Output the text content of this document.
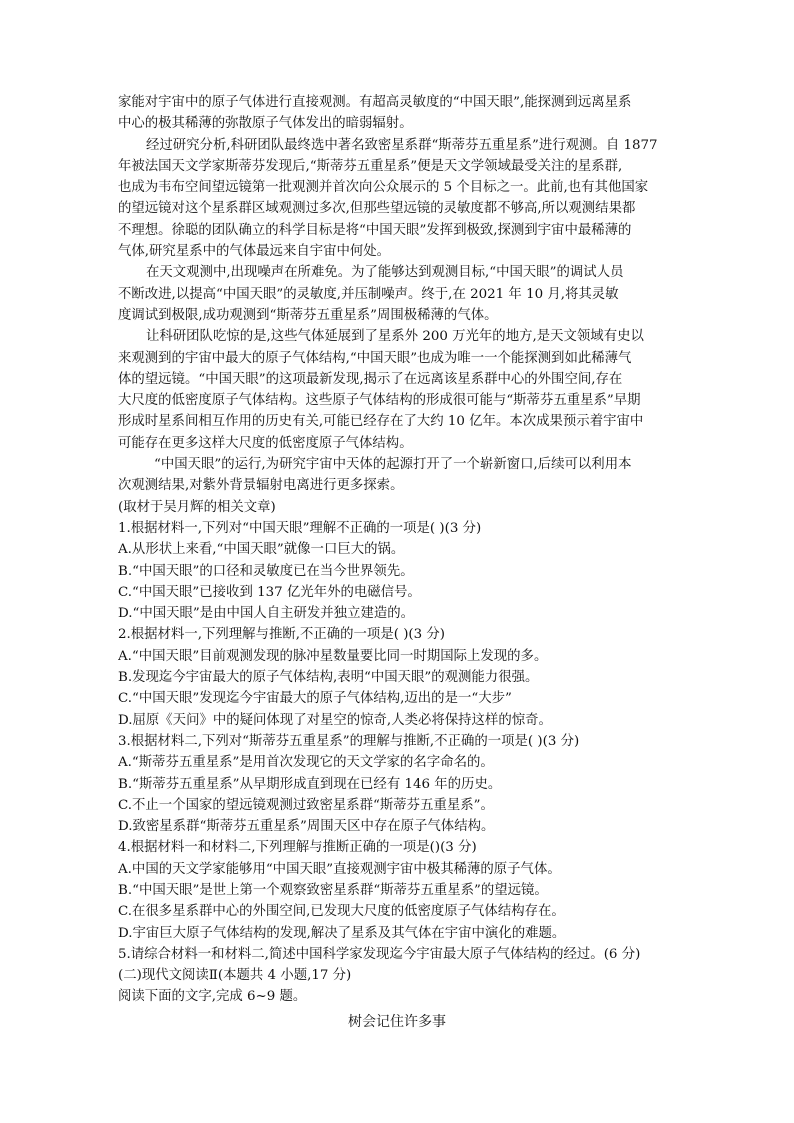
家能对宇宙中的原子气体进行直接观测。有超高灵敏度的“中国天眼”,能探测到远离星系
中心的极其稀薄的弥散原子气体发出的暗弱辐射。
经过研究分析,科研团队最终选中著名致密星系群“斯蒂芬五重星系”进行观测。自 1877
年被法国天文学家斯蒂芬发现后,“斯蒂芬五重星系”便是天文学领域最受关注的星系群,
也成为韦布空间望远镜第一批观测并首次向公众展示的 5 个目标之一。此前,也有其他国家
的望远镜对这个星系群区域观测过多次,但那些望远镜的灵敏度都不够高,所以观测结果都
不理想。徐聪的团队确立的科学目标是将“中国天眼”发挥到极致,探测到宇宙中最稀薄的
气体,研究星系中的气体最远来自宇宙中何处。
在天文观测中,出现噪声在所难免。为了能够达到观测目标,“中国天眼”的调试人员
不断改进,以提高“中国天眼”的灵敏度,并压制噪声。终于,在 2021 年 10 月,将其灵敏
度调试到极限,成功观测到“斯蒂芬五重星系”周围极稀薄的气体。
让科研团队吃惊的是,这些气体延展到了星系外 200 万光年的地方,是天文领域有史以
来观测到的宇宙中最大的原子气体结构,“中国天眼”也成为唯一一个能探测到如此稀薄气
体的望远镜。“中国天眼”的这项最新发现,揭示了在远离该星系群中心的外围空间,存在
大尺度的低密度原子气体结构。这些原子气体结构的形成很可能与“斯蒂芬五重星系”早期
形成时星系间相互作用的历史有关,可能已经存在了大约 10 亿年。本次成果预示着宇宙中
可能存在更多这样大尺度的低密度原子气体结构。
“中国天眼”的运行,为研究宇宙中天体的起源打开了一个崭新窗口,后续可以利用本
次观测结果,对紫外背景辐射电离进行更多探索。
(取材于吴月辉的相关文章)
1.根据材料一,下列对“中国天眼”理解不正确的一项是( )(3 分)
A.从形状上来看,“中国天眼”就像一口巨大的锅。
B.“中国天眼”的口径和灵敏度已在当今世界领先。
C.“中国天眼”已接收到 137 亿光年外的电磁信号。
D.“中国天眼”是由中国人自主研发并独立建造的。
2.根据材料一,下列理解与推断,不正确的一项是( )(3 分)
A.“中国天眼”目前观测发现的脉冲星数量要比同一时期国际上发现的多。
B.发现迄今宇宙最大的原子气体结构,表明“中国天眼”的观测能力很强。
C.“中国天眼”发现迄今宇宙最大的原子气体结构,迈出的是一“大步”
D.屈原《天问》中的疑问体现了对星空的惊奇,人类必将保持这样的惊奇。
3.根据材料二,下列对“斯蒂芬五重星系”的理解与推断,不正确的一项是( )(3 分)
A.“斯蒂芬五重星系”是用首次发现它的天文学家的名字命名的。
B.“斯蒂芬五重星系”从早期形成直到现在已经有 146 年的历史。
C.不止一个国家的望远镜观测过致密星系群“斯蒂芬五重星系”。
D.致密星系群“斯蒂芬五重星系”周围天区中存在原子气体结构。
4.根据材料一和材料二,下列理解与推断正确的一项是()(3 分)
A.中国的天文学家能够用“中国天眼”直接观测宇宙中极其稀薄的原子气体。
B.“中国天眼”是世上第一个观察致密星系群“斯蒂芬五重星系”的望远镜。
C.在很多星系群中心的外围空间,已发现大尺度的低密度原子气体结构存在。
D.宇宙巨大原子气体结构的发现,解决了星系及其气体在宇宙中演化的难题。
5.请综合材料一和材料二,简述中国科学家发现迄今宇宙最大原子气体结构的经过。(6 分)
(二)现代文阅读Ⅱ(本题共 4 小题,17 分)
阅读下面的文字,完成 6~9 题。
树会记住许多事
